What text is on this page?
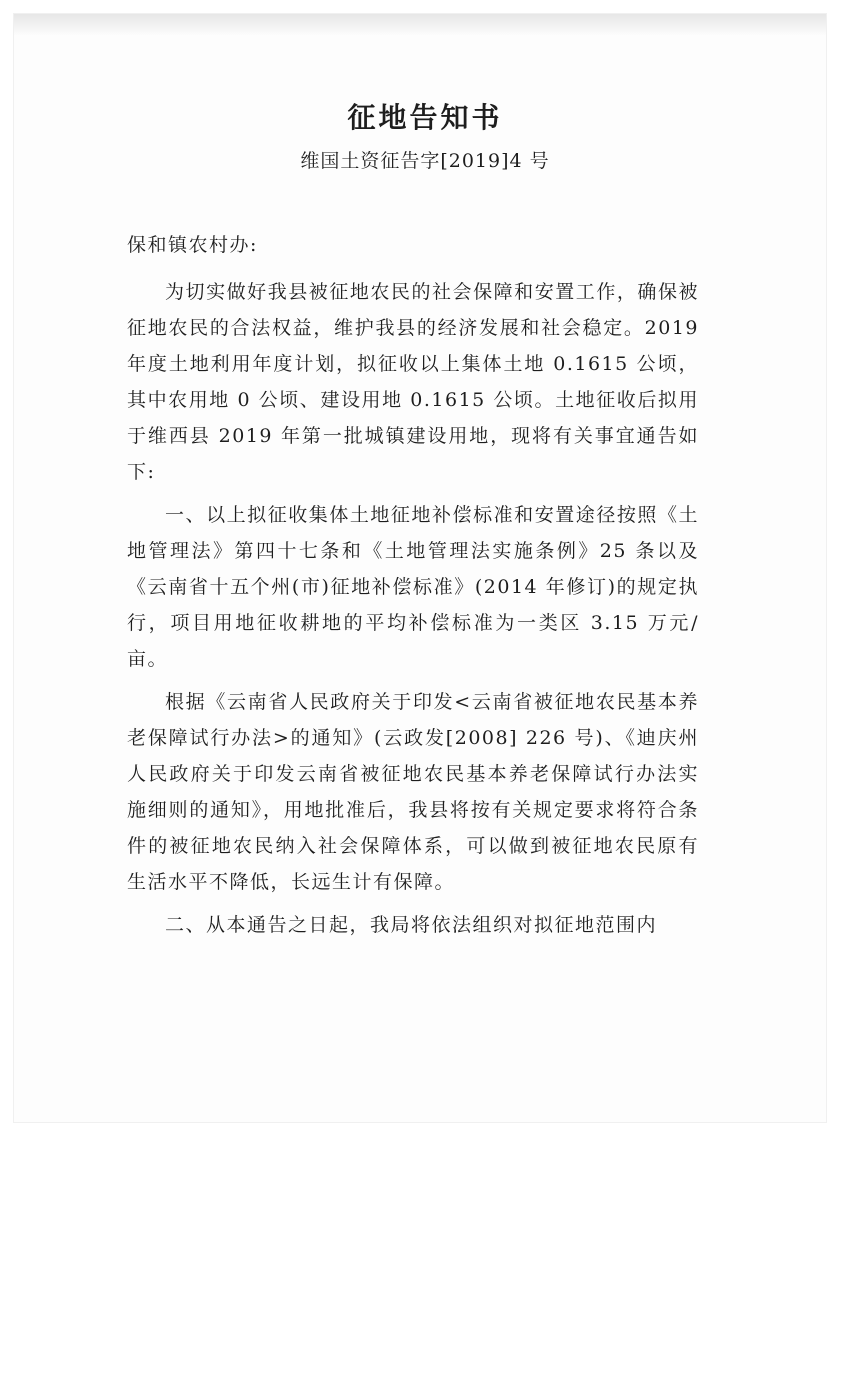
征地告知书
维国土资征告字[2019]4 号
保和镇农村办:

为切实做好我县被征地农民的社会保障和安置工作，确保被征地农民的合法权益，维护我县的经济发展和社会稳定。2019 年度土地利用年度计划，拟征收以上集体土地 0.1615 公顷，其中农用地 0 公顷、建设用地 0.1615 公顷。土地征收后拟用于维西县 2019 年第一批城镇建设用地，现将有关事宜通告如下:

一、以上拟征收集体土地征地补偿标准和安置途径按照《土地管理法》第四十七条和《土地管理法实施条例》25 条以及《云南省十五个州(市)征地补偿标准》(2014 年修订)的规定执行，项目用地征收耕地的平均补偿标准为一类区 3.15 万元/亩。

根据《云南省人民政府关于印发<云南省被征地农民基本养老保障试行办法>的通知》(云政发[2008] 226 号)、《迪庆州人民政府关于印发云南省被征地农民基本养老保障试行办法实施细则的通知》，用地批准后，我县将按有关规定要求将符合条件的被征地农民纳入社会保障体系，可以做到被征地农民原有生活水平不降低，长远生计有保障。

二、从本通告之日起，我局将依法组织对拟征地范围内
